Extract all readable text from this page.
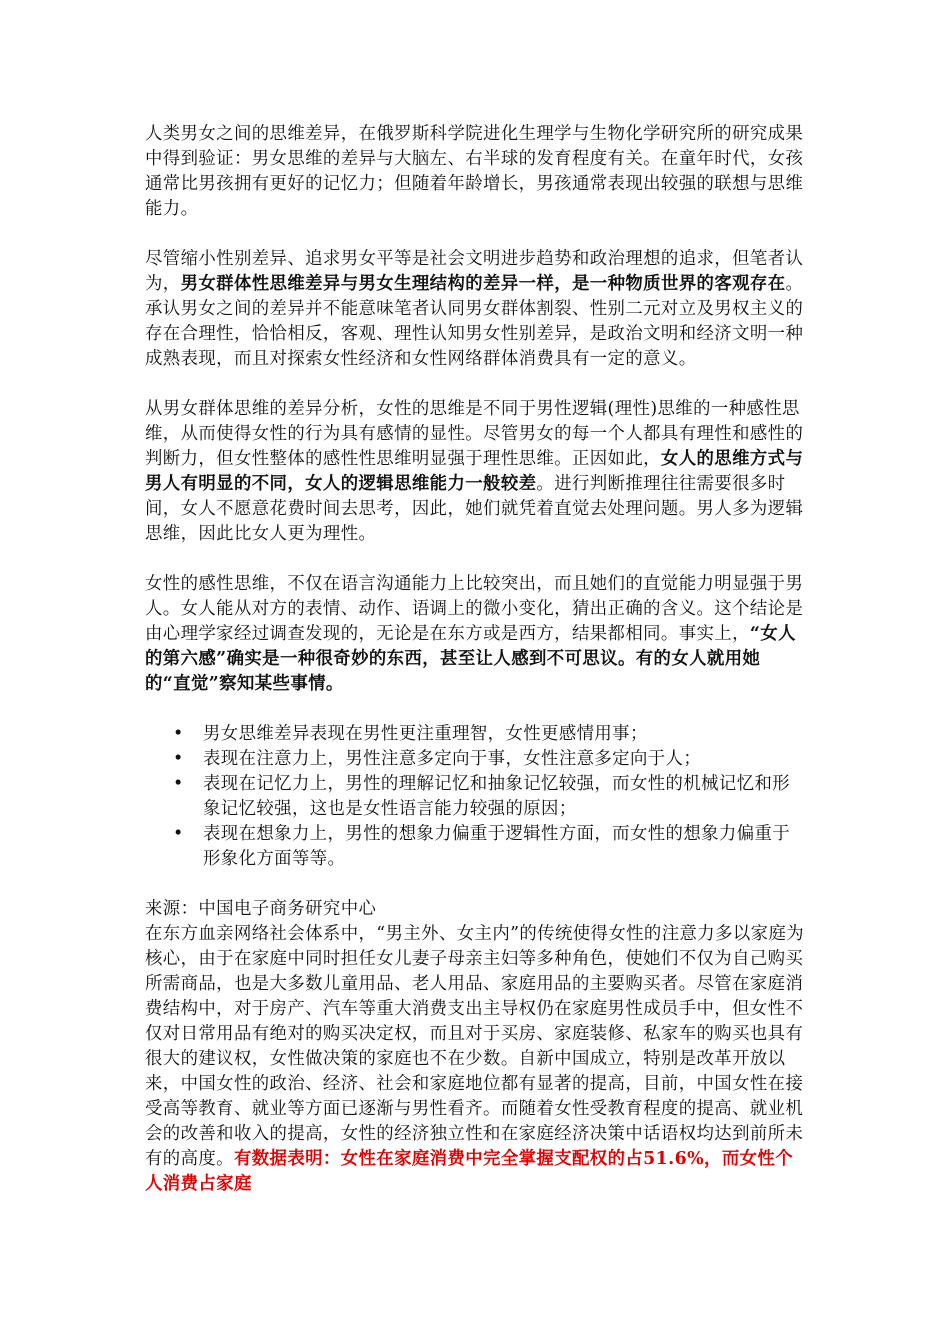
人类男女之间的思维差异，在俄罗斯科学院进化生理学与生物化学研究所的研究成果中得到验证：男女思维的差异与大脑左、右半球的发育程度有关。在童年时代，女孩通常比男孩拥有更好的记忆力；但随着年龄增长，男孩通常表现出较强的联想与思维能力。

尽管缩小性别差异、追求男女平等是社会文明进步趋势和政治理想的追求，但笔者认为，男女群体性思维差异与男女生理结构的差异一样，是一种物质世界的客观存在。承认男女之间的差异并不能意味笔者认同男女群体割裂、性别二元对立及男权主义的存在合理性，恰恰相反，客观、理性认知男女性别差异，是政治文明和经济文明一种成熟表现，而且对探索女性经济和女性网络群体消费具有一定的意义。

从男女群体思维的差异分析，女性的思维是不同于男性逻辑(理性)思维的一种感性思维，从而使得女性的行为具有感情的显性。尽管男女的每一个人都具有理性和感性的判断力，但女性整体的感性性思维明显强于理性思维。正因如此，女人的思维方式与男人有明显的不同，女人的逻辑思维能力一般较差。进行判断推理往往需要很多时间，女人不愿意花费时间去思考，因此，她们就凭着直觉去处理问题。男人多为逻辑思维，因此比女人更为理性。

女性的感性思维，不仅在语言沟通能力上比较突出，而且她们的直觉能力明显强于男人。女人能从对方的表情、动作、语调上的微小变化，猜出正确的含义。这个结论是由心理学家经过调查发现的，无论是在东方或是西方，结果都相同。事实上，“女人的第六感”确实是一种很奇妙的东西，甚至让人感到不可思议。有的女人就用她的“直觉”察知某些事情。

• 男女思维差异表现在男性更注重理智，女性更感情用事；
• 表现在注意力上，男性注意多定向于事，女性注意多定向于人；
• 表现在记忆力上，男性的理解记忆和抽象记忆较强，而女性的机械记忆和形象记忆较强，这也是女性语言能力较强的原因；
• 表现在想象力上，男性的想象力偏重于逻辑性方面，而女性的想象力偏重于形象化方面等等。

来源：中国电子商务研究中心

在东方血亲网络社会体系中，“男主外、女主内”的传统使得女性的注意力多以家庭为核心，由于在家庭中同时担任女儿妻子母亲主妇等多种角色，使她们不仅为自己购买所需商品，也是大多数儿童用品、老人用品、家庭用品的主要购买者。尽管在家庭消费结构中，对于房产、汽车等重大消费支出主导权仍在家庭男性成员手中，但女性不仅对日常用品有绝对的购买决定权，而且对于买房、家庭装修、私家车的购买也具有很大的建议权，女性做决策的家庭也不在少数。自新中国成立，特别是改革开放以来，中国女性的政治、经济、社会和家庭地位都有显著的提高，目前，中国女性在接受高等教育、就业等方面已逐渐与男性看齐。而随着女性受教育程度的提高、就业机会的改善和收入的提高，女性的经济独立性和在家庭经济决策中话语权均达到前所未有的高度。有数据表明：女性在家庭消费中完全掌握支配权的占51.6%，而女性个人消费占家庭
